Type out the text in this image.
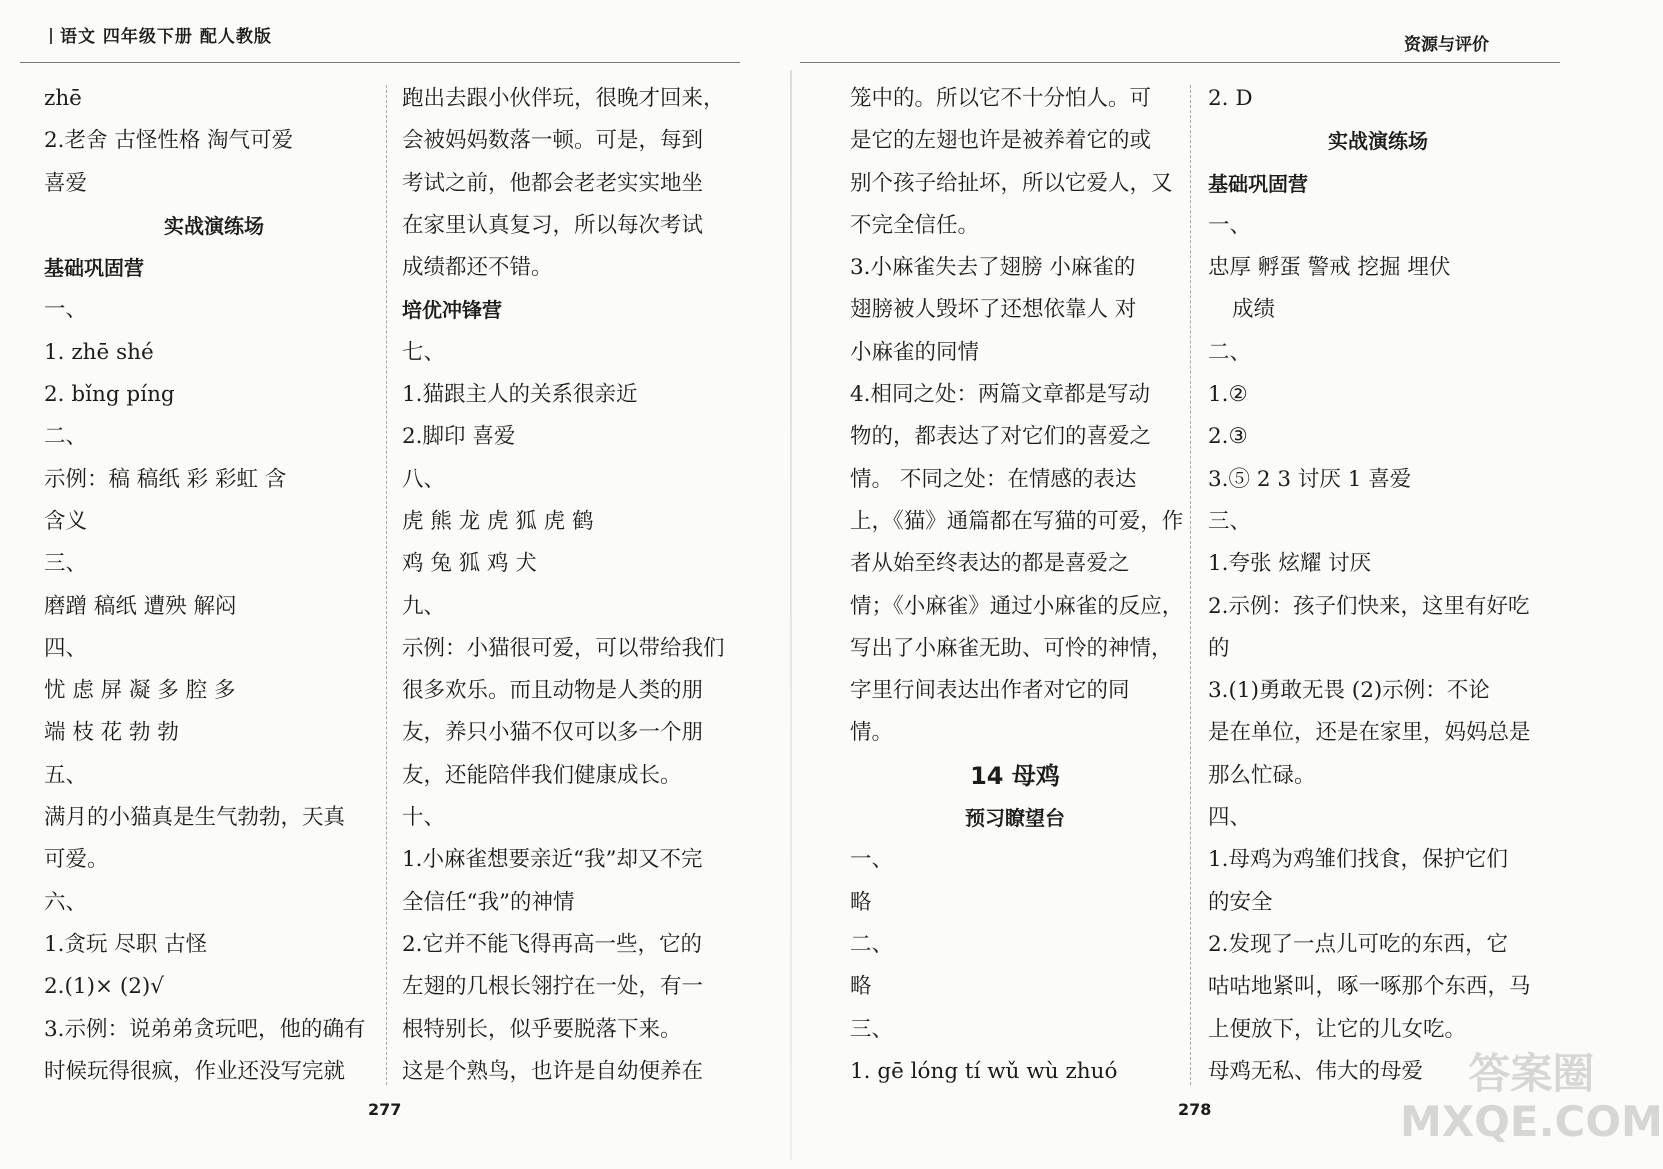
语文 四年级下册 配人教版	资源与评价
zhē
2.老舍 古怪性格 淘气可爱
喜爱
实战演练场
基础巩固营
一、
1. zhē shé
2. bǐng píng
二、
示例：稿 稿纸 彩 彩虹 含
含义
三、
磨蹭 稿纸 遭殃 解闷
四、
忧 虑 屏 凝 多 腔 多
端 枝 花 勃 勃
五、
满月的小猫真是生气勃勃，天真
可爱。
六、
1.贪玩 尽职 古怪
2.(1)× (2)√
3.示例：说弟弟贪玩吧，他的确有
时候玩得很疯，作业还没写完就
跑出去跟小伙伴玩，很晚才回来，
会被妈妈数落一顿。可是，每到
考试之前，他都会老老实实地坐
在家里认真复习，所以每次考试
成绩都还不错。
培优冲锋营
七、
1.猫跟主人的关系很亲近
2.脚印 喜爱
八、
虎 熊 龙 虎 狐 虎 鹤
鸡 兔 狐 鸡 犬
九、
示例：小猫很可爱，可以带给我们
很多欢乐。而且动物是人类的朋
友，养只小猫不仅可以多一个朋
友，还能陪伴我们健康成长。
十、
1.小麻雀想要亲近“我”却又不完
全信任“我”的神情
2.它并不能飞得再高一些，它的
左翅的几根长翎拧在一处，有一
根特别长，似乎要脱落下来。
这是个熟鸟，也许是自幼便养在
笼中的。所以它不十分怕人。可
是它的左翅也许是被养着它的或
别个孩子给扯坏，所以它爱人，又
不完全信任。
3.小麻雀失去了翅膀 小麻雀的
翅膀被人毁坏了还想依靠人 对
小麻雀的同情
4.相同之处：两篇文章都是写动
物的，都表达了对它们的喜爱之
情。 不同之处：在情感的表达
上，《猫》通篇都在写猫的可爱，作
者从始至终表达的都是喜爱之
情；《小麻雀》通过小麻雀的反应，
写出了小麻雀无助、可怜的神情，
字里行间表达出作者对它的同
情。
14 母鸡
预习瞭望台
一、
略
二、
略
三、
1. gē lóng tí wǔ wù zhuó
2. D
实战演练场
基础巩固营
一、
忠厚 孵蛋 警戒 挖掘 埋伏
成绩
二、
1.②
2.③
3.⑤ 2 3 讨厌 1 喜爱
三、
1.夸张 炫耀 讨厌
2.示例：孩子们快来，这里有好吃
的
3.(1)勇敢无畏 (2)示例：不论
是在单位，还是在家里，妈妈总是
那么忙碌。
四、
1.母鸡为鸡雏们找食，保护它们
的安全
2.发现了一点儿可吃的东西，它
咕咕地紧叫，啄一啄那个东西，马
上便放下，让它的儿女吃。
母鸡无私、伟大的母爱
277	278
答案圈 MXQE.COM
